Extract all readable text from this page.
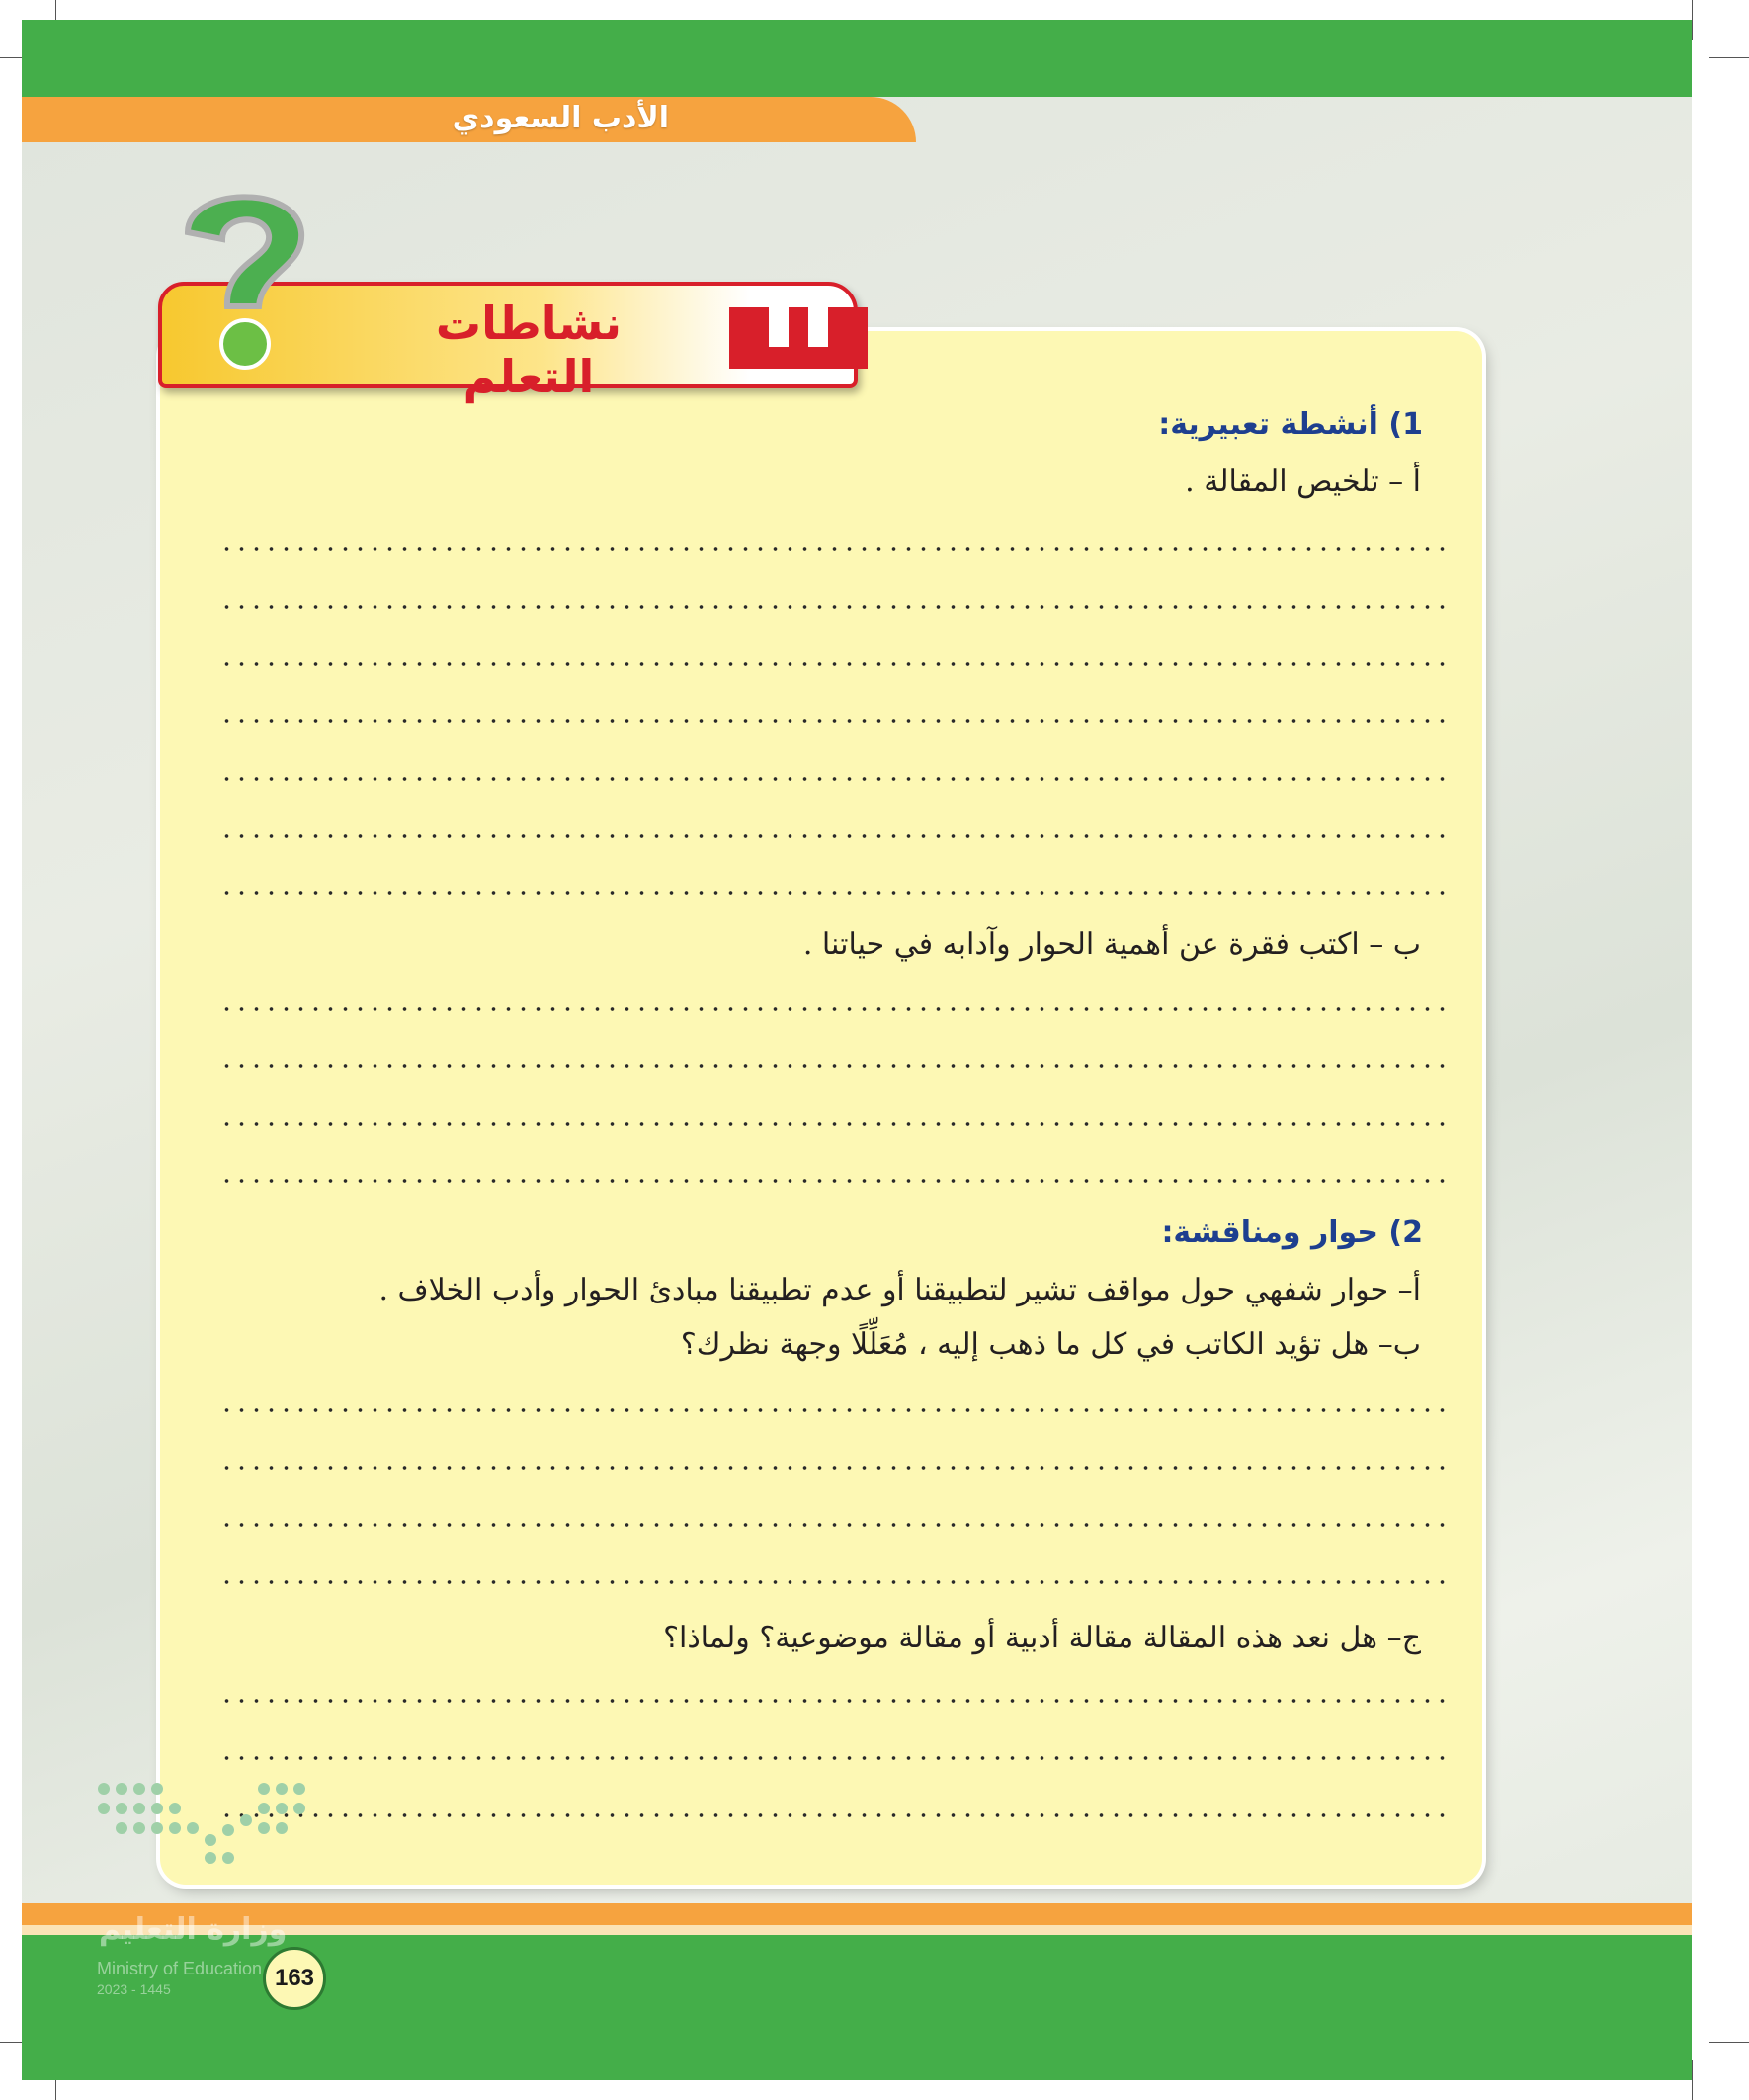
الأدب السعودي
نشاطات التعلم
1) أنشطة تعبيرية:
أ – تلخيص المقالة .
ب – اكتب فقرة عن أهمية الحوار وآدابه في حياتنا .
2) حوار ومناقشة:
أ– حوار شفهي حول مواقف تشير لتطبيقنا أو عدم تطبيقنا مبادئ الحوار وأدب الخلاف .
ب– هل تؤيد الكاتب في كل ما ذهب إليه ، مُعَلِّلًا وجهة نظرك؟
ج– هل نعد هذه المقالة مقالة أدبية أو مقالة موضوعية؟ ولماذا؟
وزارة التعليم
Ministry of Education
2023 - 1445	163
